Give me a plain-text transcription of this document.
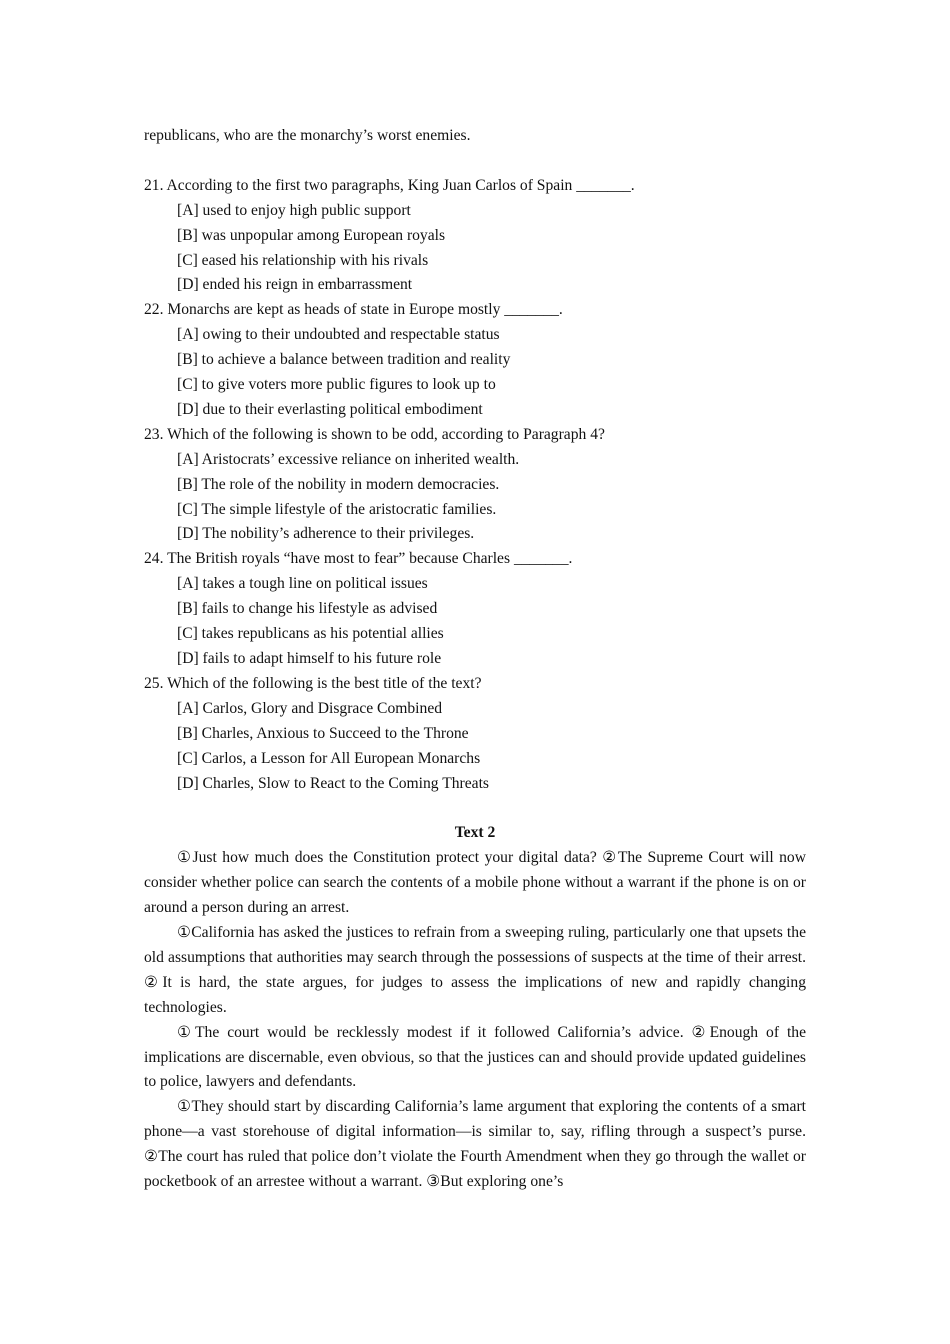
republicans, who are the monarchy’s worst enemies.

21. According to the first two paragraphs, King Juan Carlos of Spain _______.

[A] used to enjoy high public support

[B] was unpopular among European royals

[C] eased his relationship with his rivals

[D] ended his reign in embarrassment

22. Monarchs are kept as heads of state in Europe mostly _______.

[A] owing to their undoubted and respectable status

[B] to achieve a balance between tradition and reality

[C] to give voters more public figures to look up to

[D] due to their everlasting political embodiment

23. Which of the following is shown to be odd, according to Paragraph 4?

[A] Aristocrats’ excessive reliance on inherited wealth.

[B] The role of the nobility in modern democracies.

[C] The simple lifestyle of the aristocratic families.

[D] The nobility’s adherence to their privileges.

24. The British royals “have most to fear” because Charles _______.

[A] takes a tough line on political issues

[B] fails to change his lifestyle as advised

[C] takes republicans as his potential allies

[D] fails to adapt himself to his future role

25. Which of the following is the best title of the text?

[A] Carlos, Glory and Disgrace Combined

[B] Charles, Anxious to Succeed to the Throne

[C] Carlos, a Lesson for All European Monarchs

[D] Charles, Slow to React to the Coming Threats

Text 2

①Just how much does the Constitution protect your digital data? ②The Supreme Court will now consider whether police can search the contents of a mobile phone without a warrant if the phone is on or around a person during an arrest.

①California has asked the justices to refrain from a sweeping ruling, particularly one that upsets the old assumptions that authorities may search through the possessions of suspects at the time of their arrest. ②It is hard, the state argues, for judges to assess the implications of new and rapidly changing technologies.

①The court would be recklessly modest if it followed California’s advice. ②Enough of the implications are discernable, even obvious, so that the justices can and should provide updated guidelines to police, lawyers and defendants.

①They should start by discarding California’s lame argument that exploring the contents of a smart phone—a vast storehouse of digital information—is similar to, say, rifling through a suspect’s purse. ②The court has ruled that police don’t violate the Fourth Amendment when they go through the wallet or pocketbook of an arrestee without a warrant. ③But exploring one’s
